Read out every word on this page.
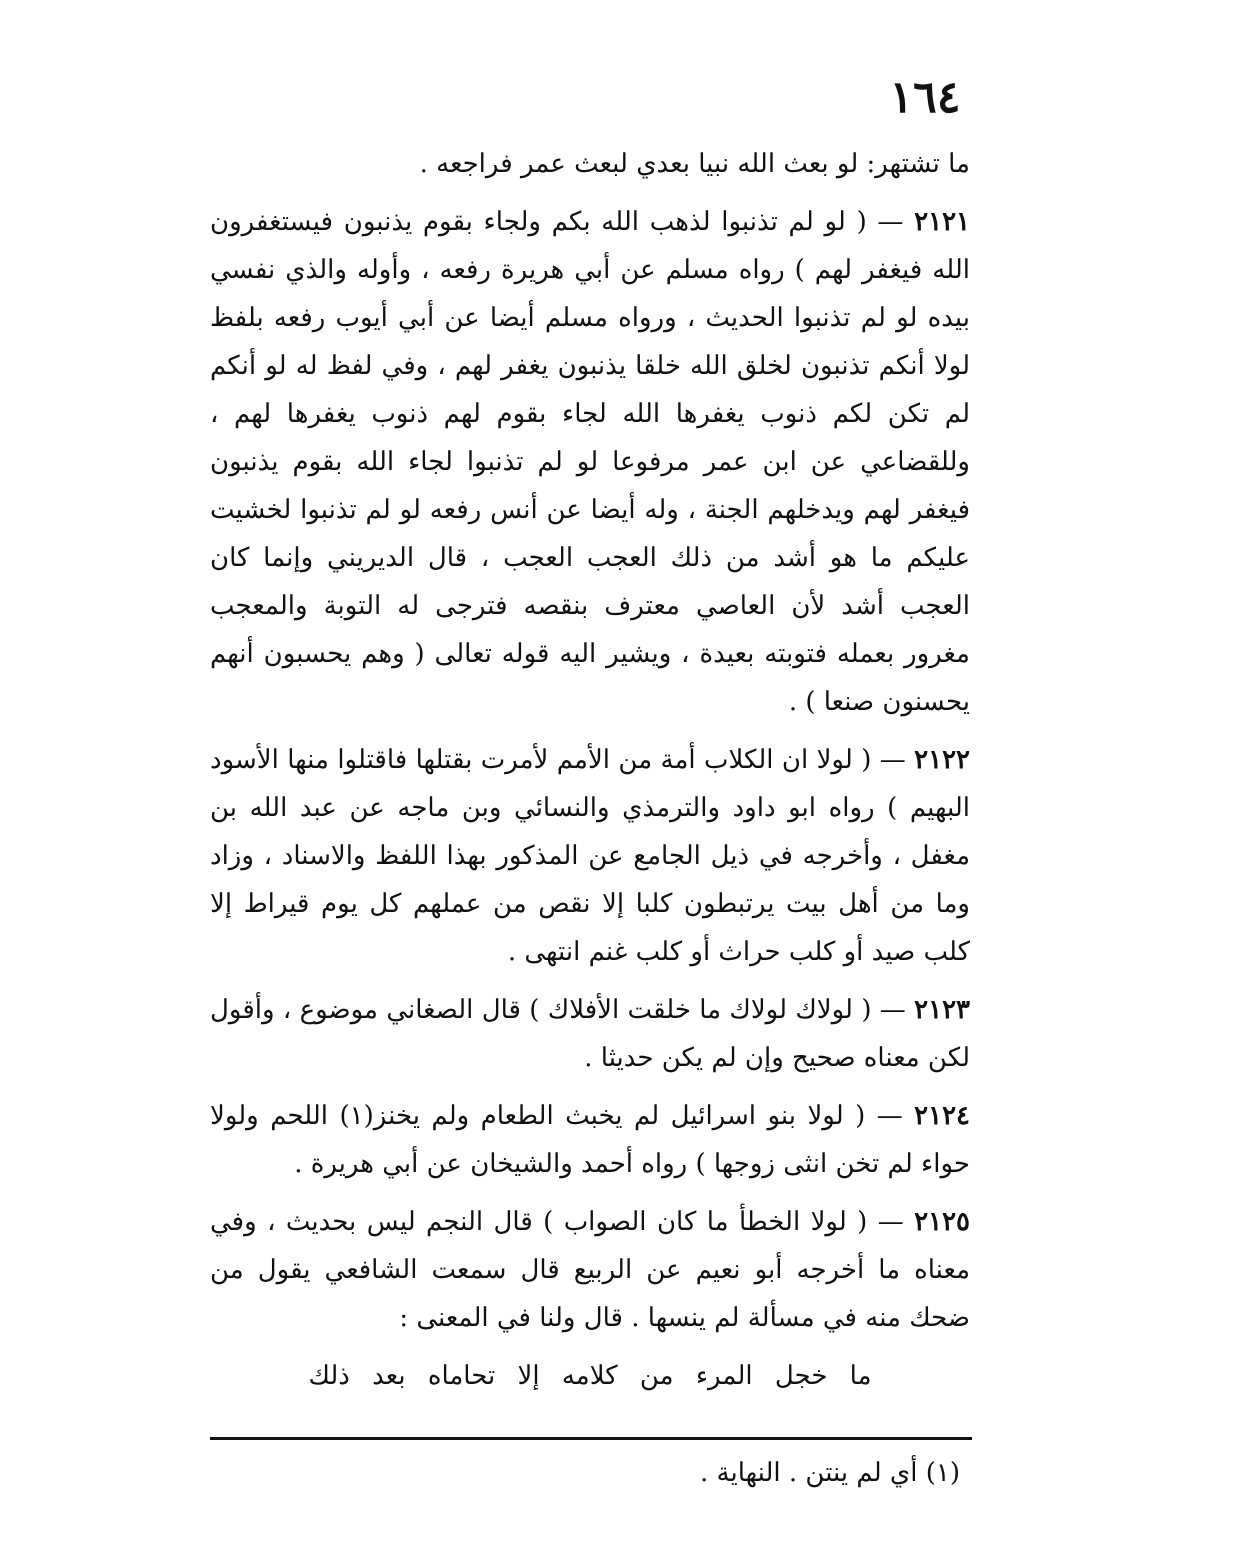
١٦٤

ما تشتهر: لو بعث الله نبيا بعدي لبعث عمر فراجعه .

٢١٢١ — ( لو لم تذنبوا لذهب الله بكم ولجاء بقوم يذنبون فيستغفرون الله فيغفر لهم ) رواه مسلم عن أبي هريرة رفعه ، وأوله والذي نفسي بيده لو لم تذنبوا الحديث ، ورواه مسلم أيضا عن أبي أيوب رفعه بلفظ لولا أنكم تذنبون لخلق الله خلقا يذنبون يغفر لهم ، وفي لفظ له لو أنكم لم تكن لكم ذنوب يغفرها الله لجاء بقوم لهم ذنوب يغفرها لهم ، وللقضاعي عن ابن عمر مرفوعا لو لم تذنبوا لجاء الله بقوم يذنبون فيغفر لهم ويدخلهم الجنة ، وله أيضا عن أنس رفعه لو لم تذنبوا لخشيت عليكم ما هو أشد من ذلك العجب العجب ، قال الديريني وإنما كان العجب أشد لأن العاصي معترف بنقصه فترجى له التوبة والمعجب مغرور بعمله فتوبته بعيدة ، ويشير اليه قوله تعالى ( وهم يحسبون أنهم يحسنون صنعا ) .

٢١٢٢ — ( لولا ان الكلاب أمة من الأمم لأمرت بقتلها فاقتلوا منها الأسود البهيم ) رواه ابو داود والترمذي والنسائي وبن ماجه عن عبد الله بن مغفل ، وأخرجه في ذيل الجامع عن المذكور بهذا اللفظ والاسناد ، وزاد وما من أهل بيت يرتبطون كلبا إلا نقص من عملهم كل يوم قيراط إلا كلب صيد أو كلب حراث أو كلب غنم انتهى .

٢١٢٣ — ( لولاك لولاك ما خلقت الأفلاك ) قال الصغاني موضوع ، وأقول لكن معناه صحيح وإن لم يكن حديثا .

٢١٢٤ — ( لولا بنو اسرائيل لم يخبث الطعام ولم يخنز(١) اللحم ولولا حواء لم تخن انثى زوجها ) رواه أحمد والشيخان عن أبي هريرة .

٢١٢٥ — ( لولا الخطأ ما كان الصواب ) قال النجم ليس بحديث ، وفي معناه ما أخرجه أبو نعيم عن الربيع قال سمعت الشافعي يقول من ضحك منه في مسألة لم ينسها . قال ولنا في المعنى :

ما خجل المرء من كلامه إلا تحاماه بعد ذلك
(١) أي لم ينتن . النهاية .
